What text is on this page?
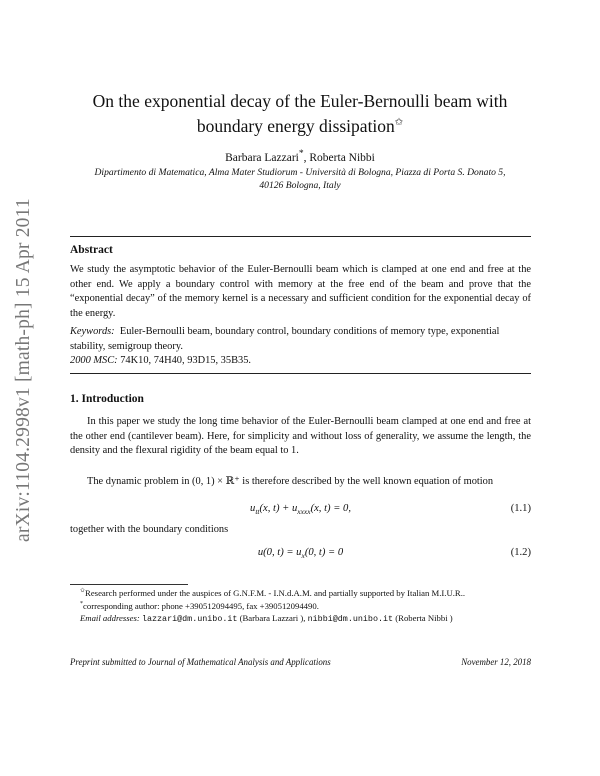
arXiv:1104.2998v1 [math-ph] 15 Apr 2011
On the exponential decay of the Euler-Bernoulli beam with
boundary energy dissipation✩
Barbara Lazzari*, Roberta Nibbi
Dipartimento di Matematica, Alma Mater Studiorum - Università di Bologna, Piazza di Porta S. Donato 5,
40126 Bologna, Italy
Abstract
We study the asymptotic behavior of the Euler-Bernoulli beam which is clamped at one end and free at the other end. We apply a boundary control with memory at the free end of the beam and prove that the “exponential decay” of the memory kernel is a necessary and sufficient condition for the exponential decay of the energy.
Keywords: Euler-Bernoulli beam, boundary control, boundary conditions of memory type, exponential stability, semigroup theory.
2000 MSC: 74K10, 74H40, 93D15, 35B35.
1. Introduction
In this paper we study the long time behavior of the Euler-Bernoulli beam clamped at one end and free at the other end (cantilever beam). Here, for simplicity and without loss of generality, we assume the length, the density and the flexural rigidity of the beam equal to 1.
The dynamic problem in (0, 1) × ℝ⁺ is therefore described by the well known equation of motion
$u_{tt}(x$, $t) + u_{xxxx}(x$, t) = 0,	(1.1)
together with the boundary conditions
u(0, $t) = u_x(0$, t) = 0	(1.2)

✩Research performed under the auspices of G.N.F.M. - I.N.d.A.M. and partially supported by Italian M.I.U.R..

*corresponding author: phone +390512094495, fax +390512094490.

Email addresses: lazzari@dm.unibo.it (Barbara Lazzari ), nibbi@dm.unibo.it (Roberta Nibbi )

Preprint submitted to Journal of Mathematical Analysis and Applications	November 12, 2018
